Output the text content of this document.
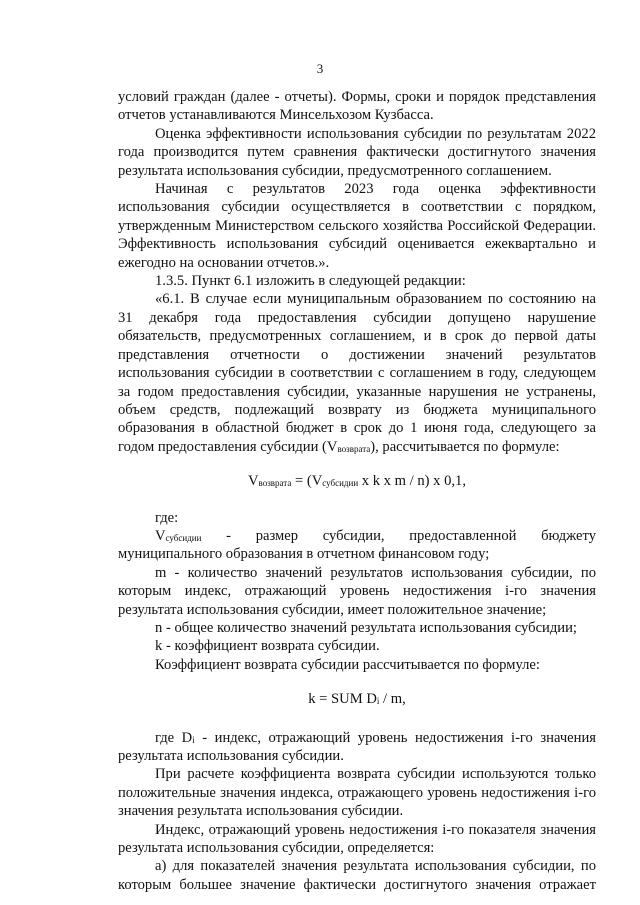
3

условий граждан (далее - отчеты). Формы, сроки и порядок представления отчетов устанавливаются Минсельхозом Кузбасса.

Оценка эффективности использования субсидии по результатам 2022 года производится путем сравнения фактически достигнутого значения результата использования субсидии, предусмотренного соглашением.

Начиная с результатов 2023 года оценка эффективности использования субсидии осуществляется в соответствии с порядком, утвержденным Министерством сельского хозяйства Российской Федерации. Эффективность использования субсидий оценивается ежеквартально и ежегодно на основании отчетов.».

1.3.5. Пункт 6.1 изложить в следующей редакции:

«6.1. В случае если муниципальным образованием по состоянию на 31 декабря года предоставления субсидии допущено нарушение обязательств, предусмотренных соглашением, и в срок до первой даты представления отчетности о достижении значений результатов использования субсидии в соответствии с соглашением в году, следующем за годом предоставления субсидии, указанные нарушения не устранены, объем средств, подлежащий возврату из бюджета муниципального образования в областной бюджет в срок до 1 июня года, следующего за годом предоставления субсидии $(V_{возврата})$, рассчитывается по формуле:

$V_{возврата} = (V_{субсидии}$ x k x m / n) x 0,1,

где:

$V_{субсидии}$ - размер субсидии, предоставленной бюджету муниципального образования в отчетном финансовом году;

m - количество значений результатов использования субсидии, по которым индекс, отражающий уровень недостижения i-го значения результата использования субсидии, имеет положительное значение;

n - общее количество значений результата использования субсидии;

k - коэффициент возврата субсидии.

Коэффициент возврата субсидии рассчитывается по формуле:

k = SUM $D_i$ / m,

где $D_i$ - индекс, отражающий уровень недостижения i-го значения результата использования субсидии.

При расчете коэффициента возврата субсидии используются только положительные значения индекса, отражающего уровень недостижения i-го значения результата использования субсидии.

Индекс, отражающий уровень недостижения i-го показателя значения результата использования субсидии, определяется:

а) для показателей значения результата использования субсидии, по которым большее значение фактически достигнутого значения отражает
